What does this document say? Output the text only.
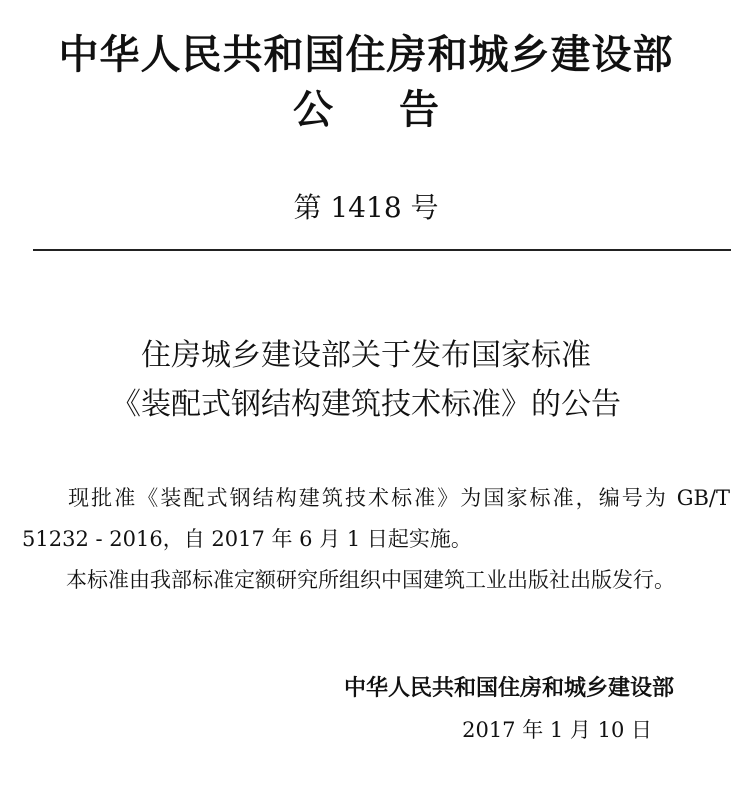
中华人民共和国住房和城乡建设部
公 告
第 1418 号
住房城乡建设部关于发布国家标准
《装配式钢结构建筑技术标准》的公告
现批准《装配式钢结构建筑技术标准》为国家标准，编号为 GB/T 51232 - 2016，自 2017 年 6 月 1 日起实施。
本标准由我部标准定额研究所组织中国建筑工业出版社出版发行。
中华人民共和国住房和城乡建设部
2017 年 1 月 10 日
